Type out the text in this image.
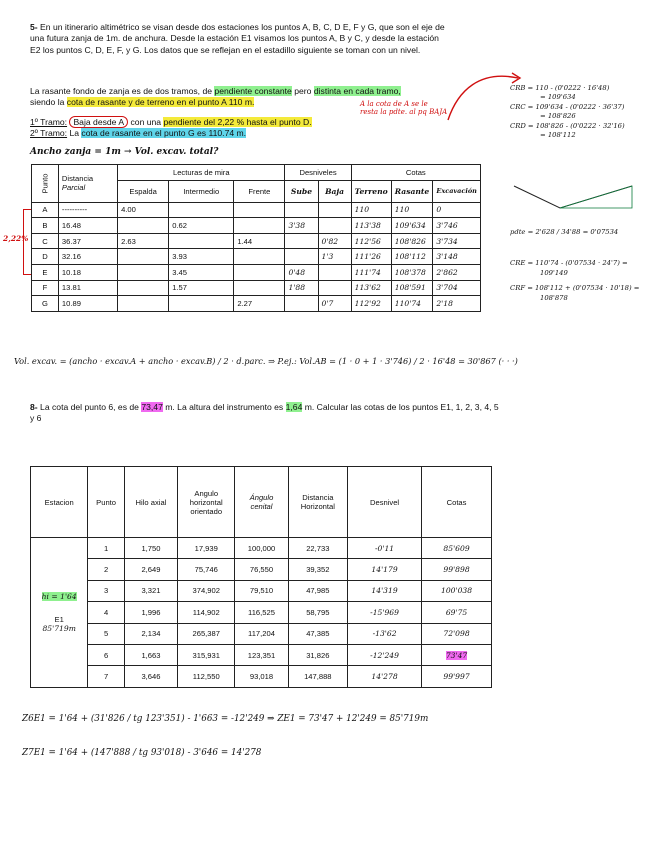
5- En un itinerario altimétrico se visan desde dos estaciones los puntos A, B, C, D E, F y G, que son el eje de una futura zanja de 1m. de anchura. Desde la estación E1 visamos los puntos A, B y C, y desde la estación E2 los puntos C, D, E, F, y G. Los datos que se reflejan en el estadillo siguiente se toman con un nivel.

La rasante fondo de zanja es de dos tramos, de pendiente constante pero distinta en cada tramo,
siendo la cota de rasante y de terreno en el punto A 110 m.

1º Tramo: Baja desde A con una pendiente del 2,22 % hasta el punto D.
2º Tramo: La cota de rasante en el punto G es 110.74 m.

Ancho zanja = 1m → Vol. excav. total?
A la cota de A se le resta la pdte. al pq BAJA
2,22%
Punto	Distancia
Parcial	Lecturas de mira			Desniveles		Cotas		
		Espalda	Intermedio	Frente	Sube	Baja	Terreno	Rasante	Excavación
A	----------	4.00					110	110	0
B	16.48		0.62		3'38		113'38	109'634	3'746
C	36.37	2.63		1.44		0'82	112'56	108'826	3'734
D	32.16		3.93			1'3	111'26	108'112	3'148
E	10.18		3.45		0'48		111'74	108'378	2'862
F	13.81		1.57		1'88		113'62	108'591	3'704
G	10.89			2.27		0'7	112'92	110'74	2'18
CRB = 110 - (0'0222 · 16'48)
= 109'634
CRC = 109'634 - (0'0222 · 36'37)
= 108'826
CRD = 108'826 - (0'0222 · 32'16)
= 108'112
pdte = 2'628 / 34'88 = 0'07534
CRE = 110'74 - (0'07534 · 24'7) =
109'149
CRF = 108'112 + (0'07534 · 10'18) =
108'878
Vol. excav. = (ancho · excav.A + ancho · excav.B) / 2 · d.parc. ⇒ P.ej.: Vol.AB = (1 · 0 + 1 · 3'746) / 2 · 16'48 = 30'867 (· · ·)

8- La cota del punto 6, es de 73,47 m. La altura del instrumento es 1,64 m. Calcular las cotas de los puntos E1, 1, 2, 3, 4, 5 y 6

Estacion	Punto	Hilo axial	Angulo horizontal orientado	Ángulo cenital	Distancia Horizontal	Desnivel	Cotas
hi = 1'64
E1
85'719m	1	1,750	17,939	100,000	22,733	-0'11	85'609
	2	2,649	75,746	76,550	39,352	14'179	99'898
	3	3,321	374,902	79,510	47,985	14'319	100'038
	4	1,996	114,902	116,525	58,795	-15'969	69'75
	5	2,134	265,387	117,204	47,385	-13'62	72'098
	6	1,663	315,931	123,351	31,826	-12'249	73'47
	7	3,646	112,550	93,018	147,888	14'278	99'997
Z6E1 = 1'64 + (31'826 / tg 123'351) - 1'663 = -12'249 ⇒ ZE1 = 73'47 + 12'249 = 85'719m
Z7E1 = 1'64 + (147'888 / tg 93'018) - 3'646 = 14'278
